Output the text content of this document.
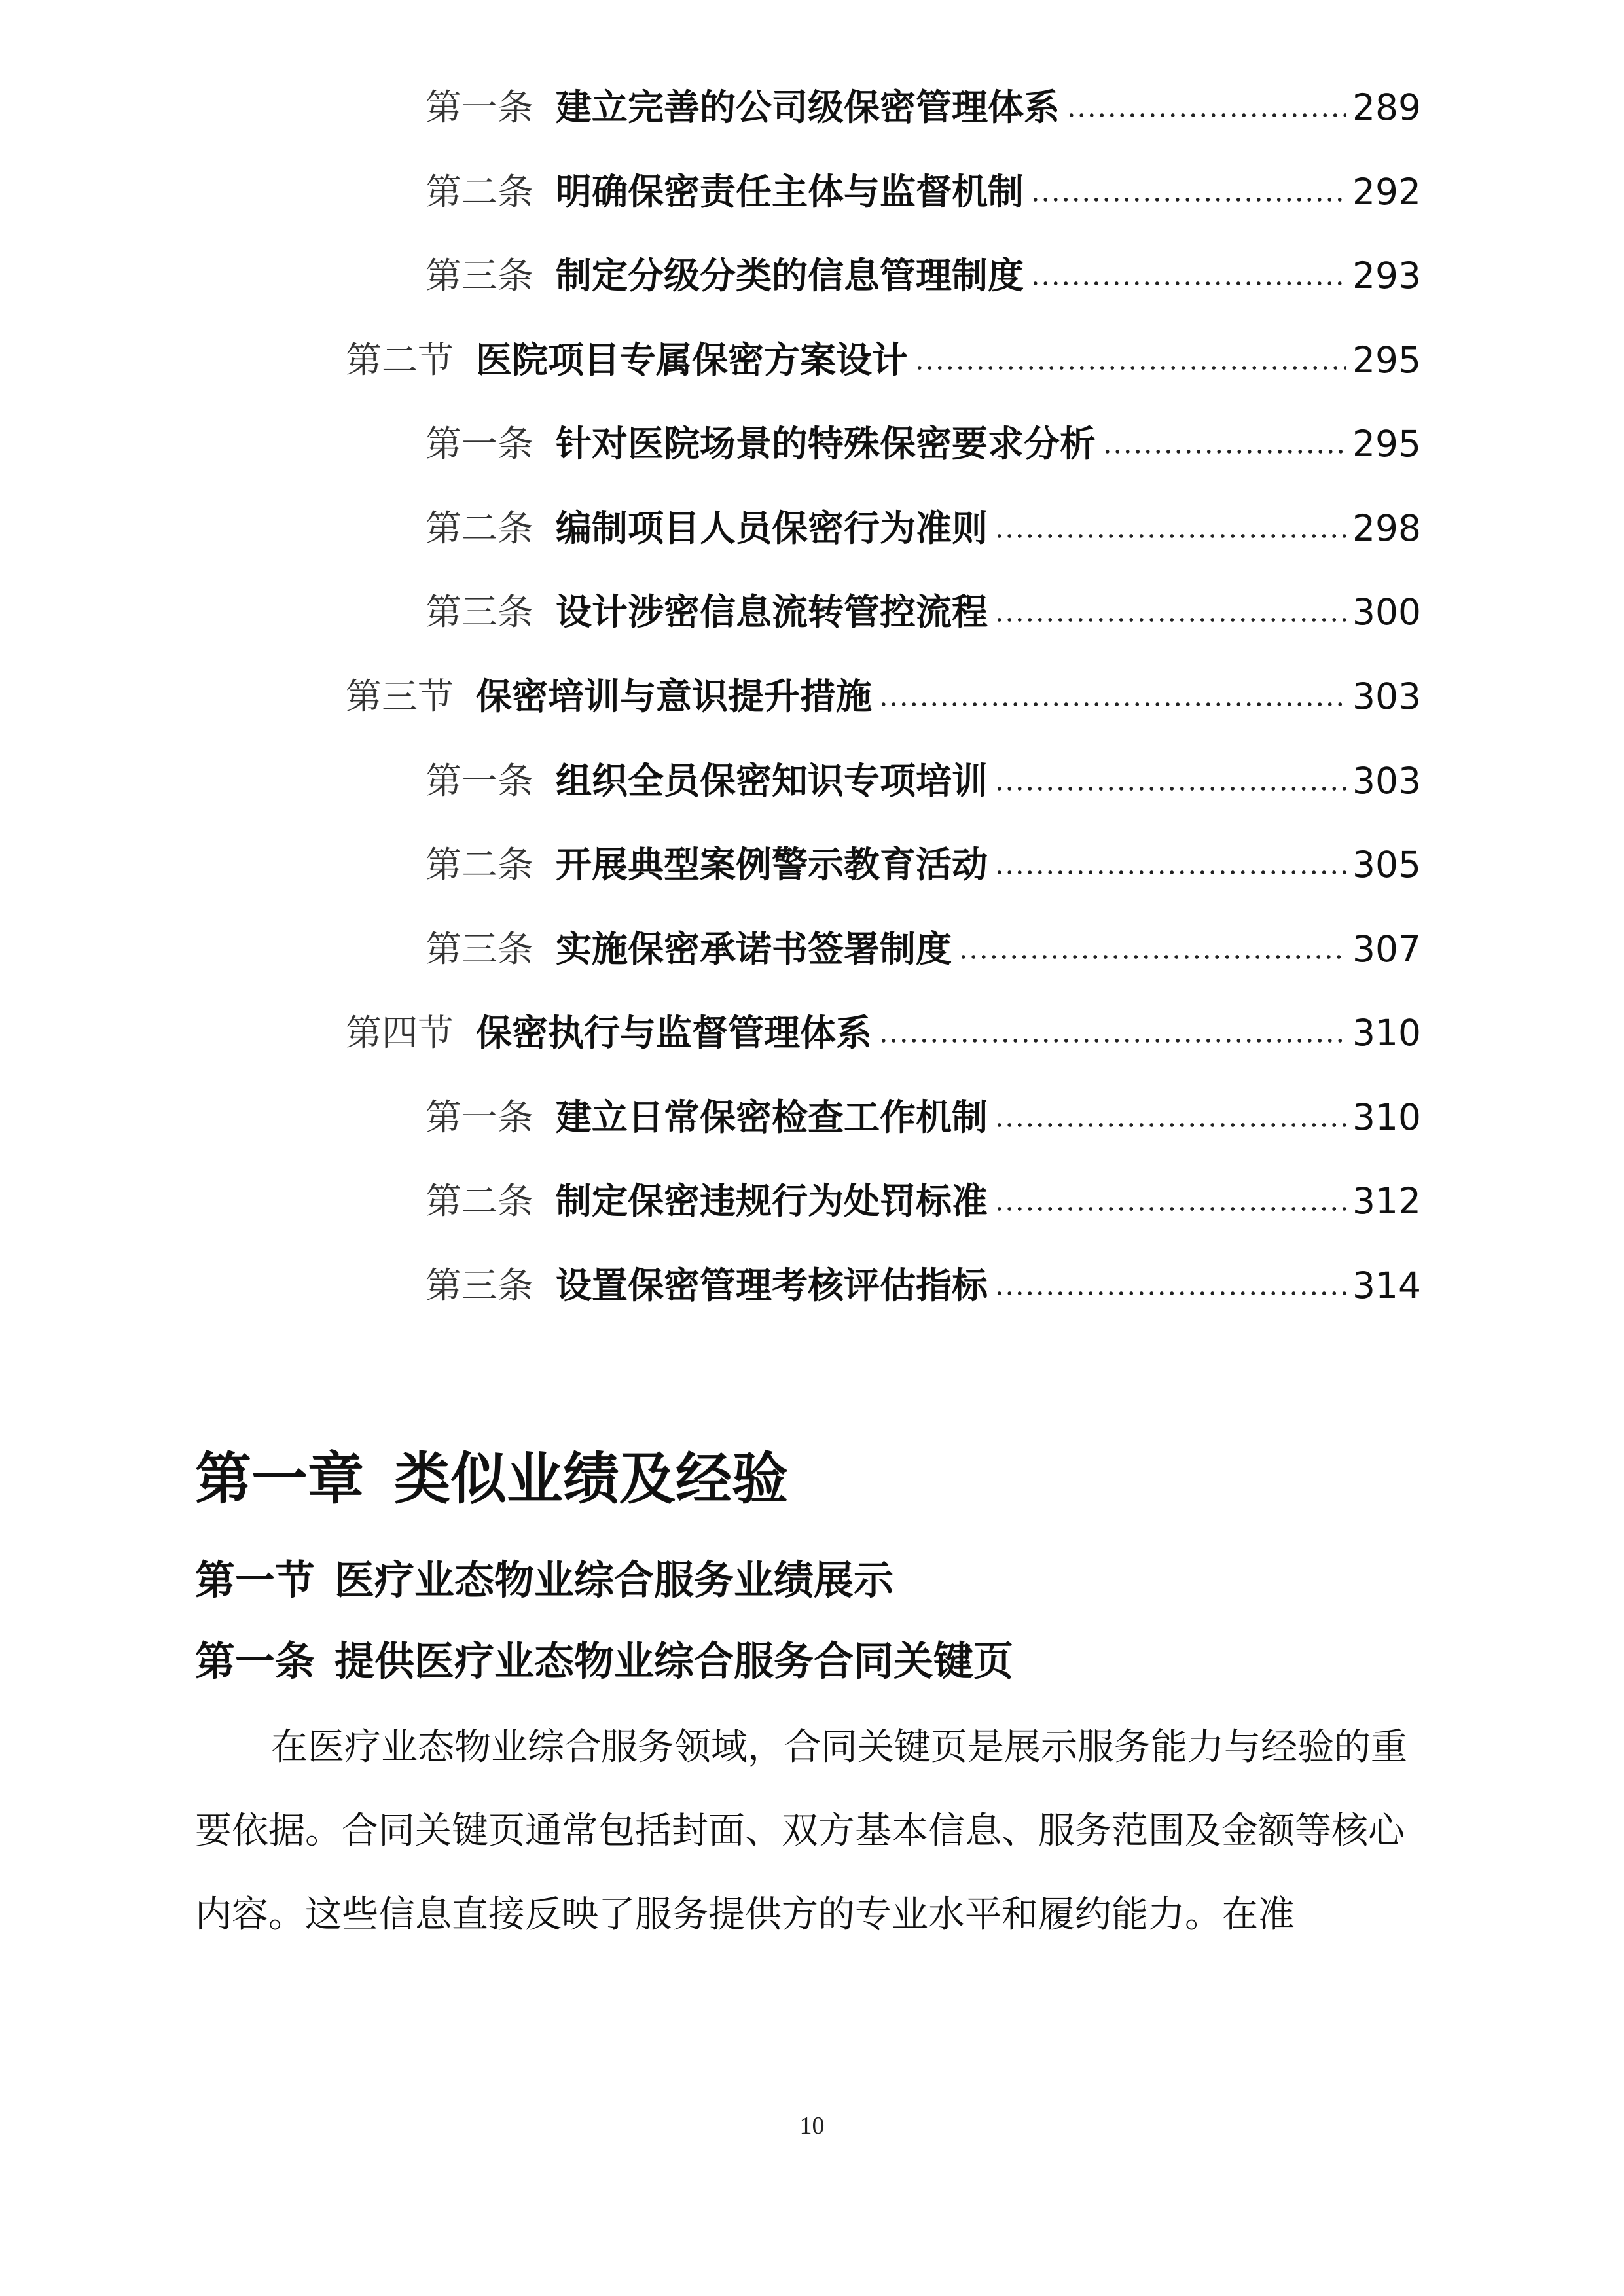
第一条 建立完善的公司级保密管理体系	289
第二条 明确保密责任主体与监督机制	292
第三条 制定分级分类的信息管理制度	293
第二节 医院项目专属保密方案设计	295
第一条 针对医院场景的特殊保密要求分析	295
第二条 编制项目人员保密行为准则	298
第三条 设计涉密信息流转管控流程	300
第三节 保密培训与意识提升措施	303
第一条 组织全员保密知识专项培训	303
第二条 开展典型案例警示教育活动	305
第三条 实施保密承诺书签署制度	307
第四节 保密执行与监督管理体系	310
第一条 建立日常保密检查工作机制	310
第二条 制定保密违规行为处罚标准	312
第三条 设置保密管理考核评估指标	314
第一章 类似业绩及经验
第一节 医疗业态物业综合服务业绩展示
第一条 提供医疗业态物业综合服务合同关键页

在医疗业态物业综合服务领域，合同关键页是展示服务能力与经验的重要依据。合同关键页通常包括封面、双方基本信息、服务范围及金额等核心内容。这些信息直接反映了服务提供方的专业水平和履约能力。在准

10
